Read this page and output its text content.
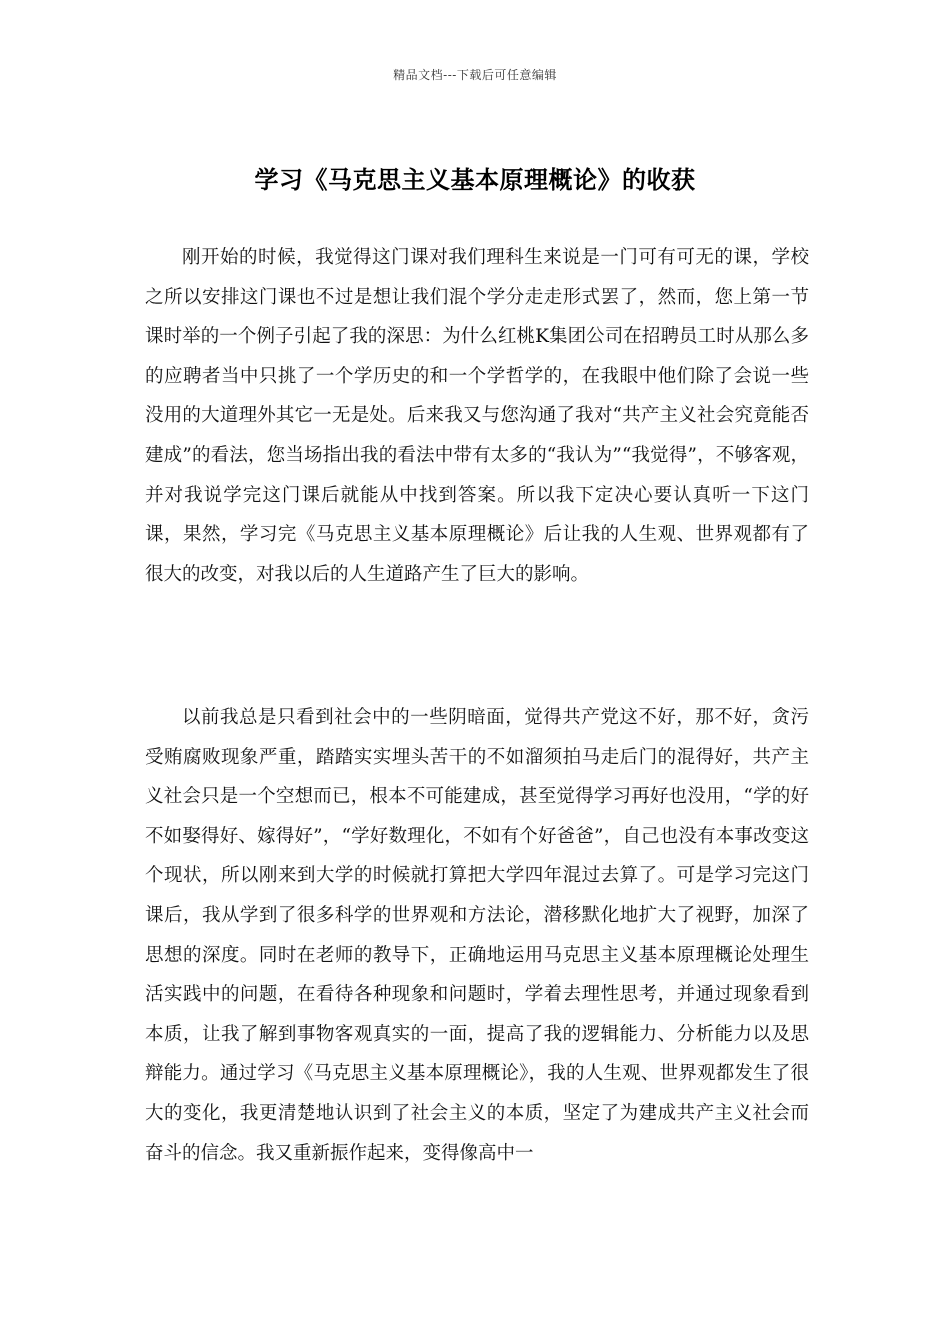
精品文档---下载后可任意编辑
学习《马克思主义基本原理概论》的收获

刚开始的时候，我觉得这门课对我们理科生来说是一门可有可无的课，学校之所以安排这门课也不过是想让我们混个学分走走形式罢了，然而，您上第一节课时举的一个例子引起了我的深思：为什么红桃K集团公司在招聘员工时从那么多的应聘者当中只挑了一个学历史的和一个学哲学的，在我眼中他们除了会说一些没用的大道理外其它一无是处。后来我又与您沟通了我对“共产主义社会究竟能否建成”的看法，您当场指出我的看法中带有太多的“我认为”“我觉得”，不够客观，并对我说学完这门课后就能从中找到答案。所以我下定决心要认真听一下这门课，果然，学习完《马克思主义基本原理概论》后让我的人生观、世界观都有了很大的改变，对我以后的人生道路产生了巨大的影响。

以前我总是只看到社会中的一些阴暗面，觉得共产党这不好，那不好，贪污受贿腐败现象严重，踏踏实实埋头苦干的不如溜须拍马走后门的混得好，共产主义社会只是一个空想而已，根本不可能建成，甚至觉得学习再好也没用，“学的好不如娶得好、嫁得好”，“学好数理化，不如有个好爸爸”，自己也没有本事改变这个现状，所以刚来到大学的时候就打算把大学四年混过去算了。可是学习完这门课后，我从学到了很多科学的世界观和方法论，潜移默化地扩大了视野，加深了思想的深度。同时在老师的教导下，正确地运用马克思主义基本原理概论处理生活实践中的问题，在看待各种现象和问题时，学着去理性思考，并通过现象看到本质，让我了解到事物客观真实的一面，提高了我的逻辑能力、分析能力以及思辩能力。通过学习《马克思主义基本原理概论》，我的人生观、世界观都发生了很大的变化，我更清楚地认识到了社会主义的本质，坚定了为建成共产主义社会而奋斗的信念。我又重新振作起来，变得像高中一
